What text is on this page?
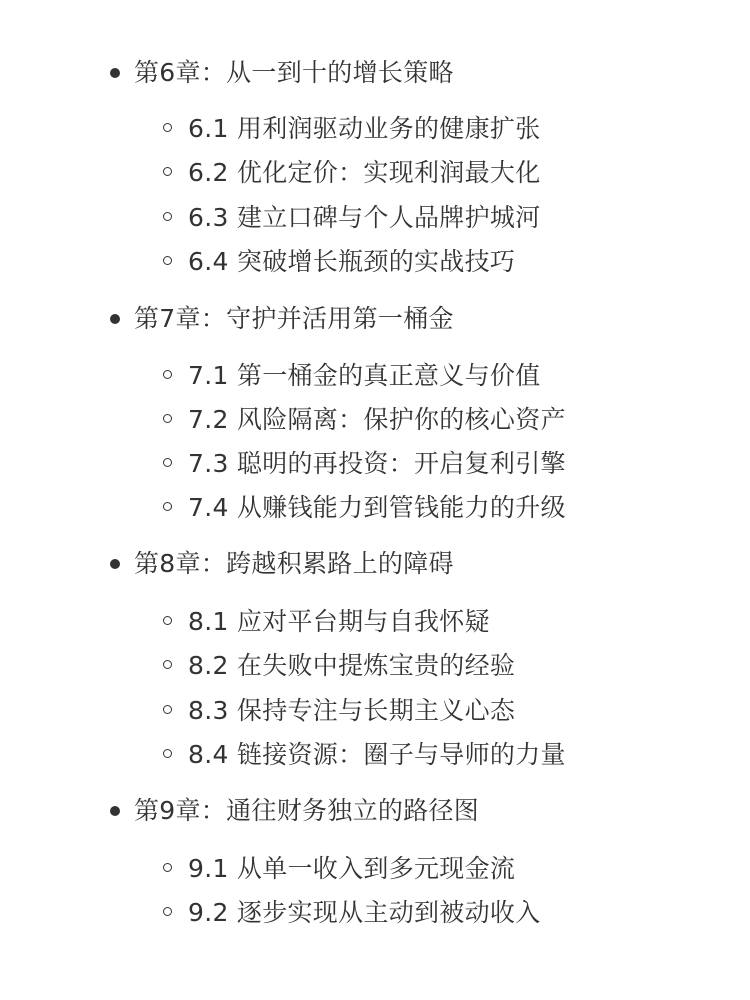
第6章：从一到十的增长策略
6.1 用利润驱动业务的健康扩张
6.2 优化定价：实现利润最大化
6.3 建立口碑与个人品牌护城河
6.4 突破增长瓶颈的实战技巧
第7章：守护并活用第一桶金
7.1 第一桶金的真正意义与价值
7.2 风险隔离：保护你的核心资产
7.3 聪明的再投资：开启复利引擎
7.4 从赚钱能力到管钱能力的升级
第8章：跨越积累路上的障碍
8.1 应对平台期与自我怀疑
8.2 在失败中提炼宝贵的经验
8.3 保持专注与长期主义心态
8.4 链接资源：圈子与导师的力量
第9章：通往财务独立的路径图
9.1 从单一收入到多元现金流
9.2 逐步实现从主动到被动收入
